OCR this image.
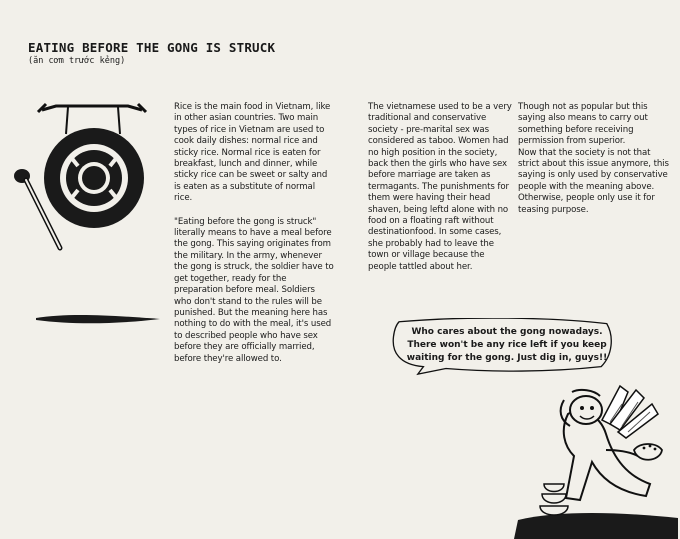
EATING BEFORE THE GONG IS STRUCK
(ăn cơm trước kẻng)

Rice is the main food in Vietnam, like in other asian countries. Two main types of rice in Vietnam are used to cook daily dishes: normal rice and sticky rice. Normal rice is eaten for breakfast, lunch and dinner, while sticky rice can be sweet or salty and is eaten as a substitute of normal rice.

"Eating before the gong is struck" literally means to have a meal before the gong. This saying originates from the military. In the army, whenever the gong is struck, the soldier have to get together, ready for the preparation before meal. Soldiers who don't stand to the rules will be punished. But the meaning here has nothing to do with the meal, it's used to described people who have sex before they are officially married, before they're allowed to.

The vietnamese used to be a very traditional and conservative society - pre-marital sex was considered as taboo. Women had no high position in the society, back then the girls who have sex before marriage are taken as termagants. The punishments for them were having their head shaven, being leftd alone with no food on a floating raft without destinationfood. In some cases, she probably had to leave the town or village because the people tattled about her.

Though not as popular but this saying also means to carry out something before receiving permission from superior.

Now that the society is not that strict about this issue anymore, this saying is only used by conservative people with the meaning above. Otherwise, people only use it for teasing purpose.

Who cares about the gong nowadays. There won't be any rice left if you keep waiting for the gong. Just dig in, guys!!
